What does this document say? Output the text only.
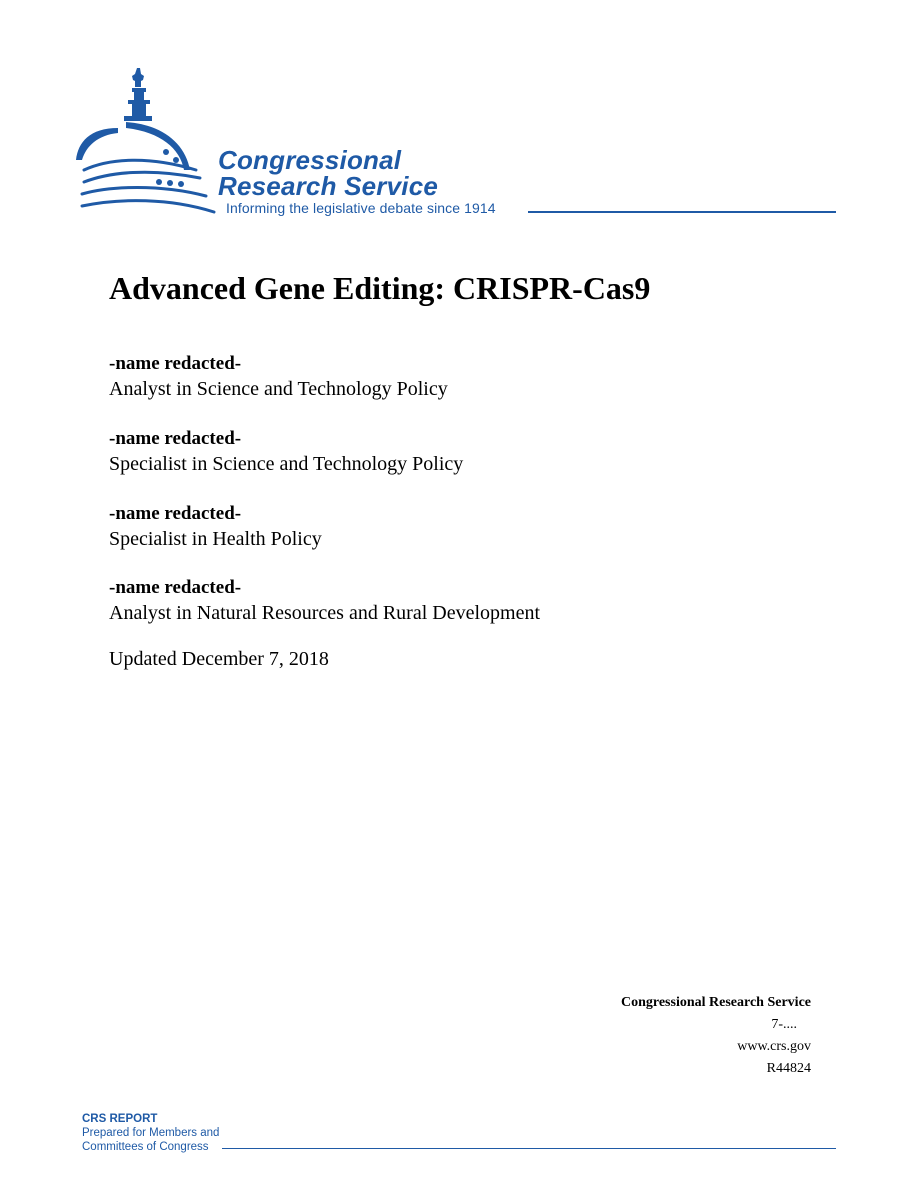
Congressional
Research Service
Informing the legislative debate since 1914
Advanced Gene Editing: CRISPR-Cas9
-name redacted-
Analyst in Science and Technology Policy
-name redacted-
Specialist in Science and Technology Policy
-name redacted-
Specialist in Health Policy
-name redacted-
Analyst in Natural Resources and Rural Development
Updated December 7, 2018
Congressional Research Service
7-....
www.crs.gov
R44824
CRS REPORT
Prepared for Members and
Committees of Congress
